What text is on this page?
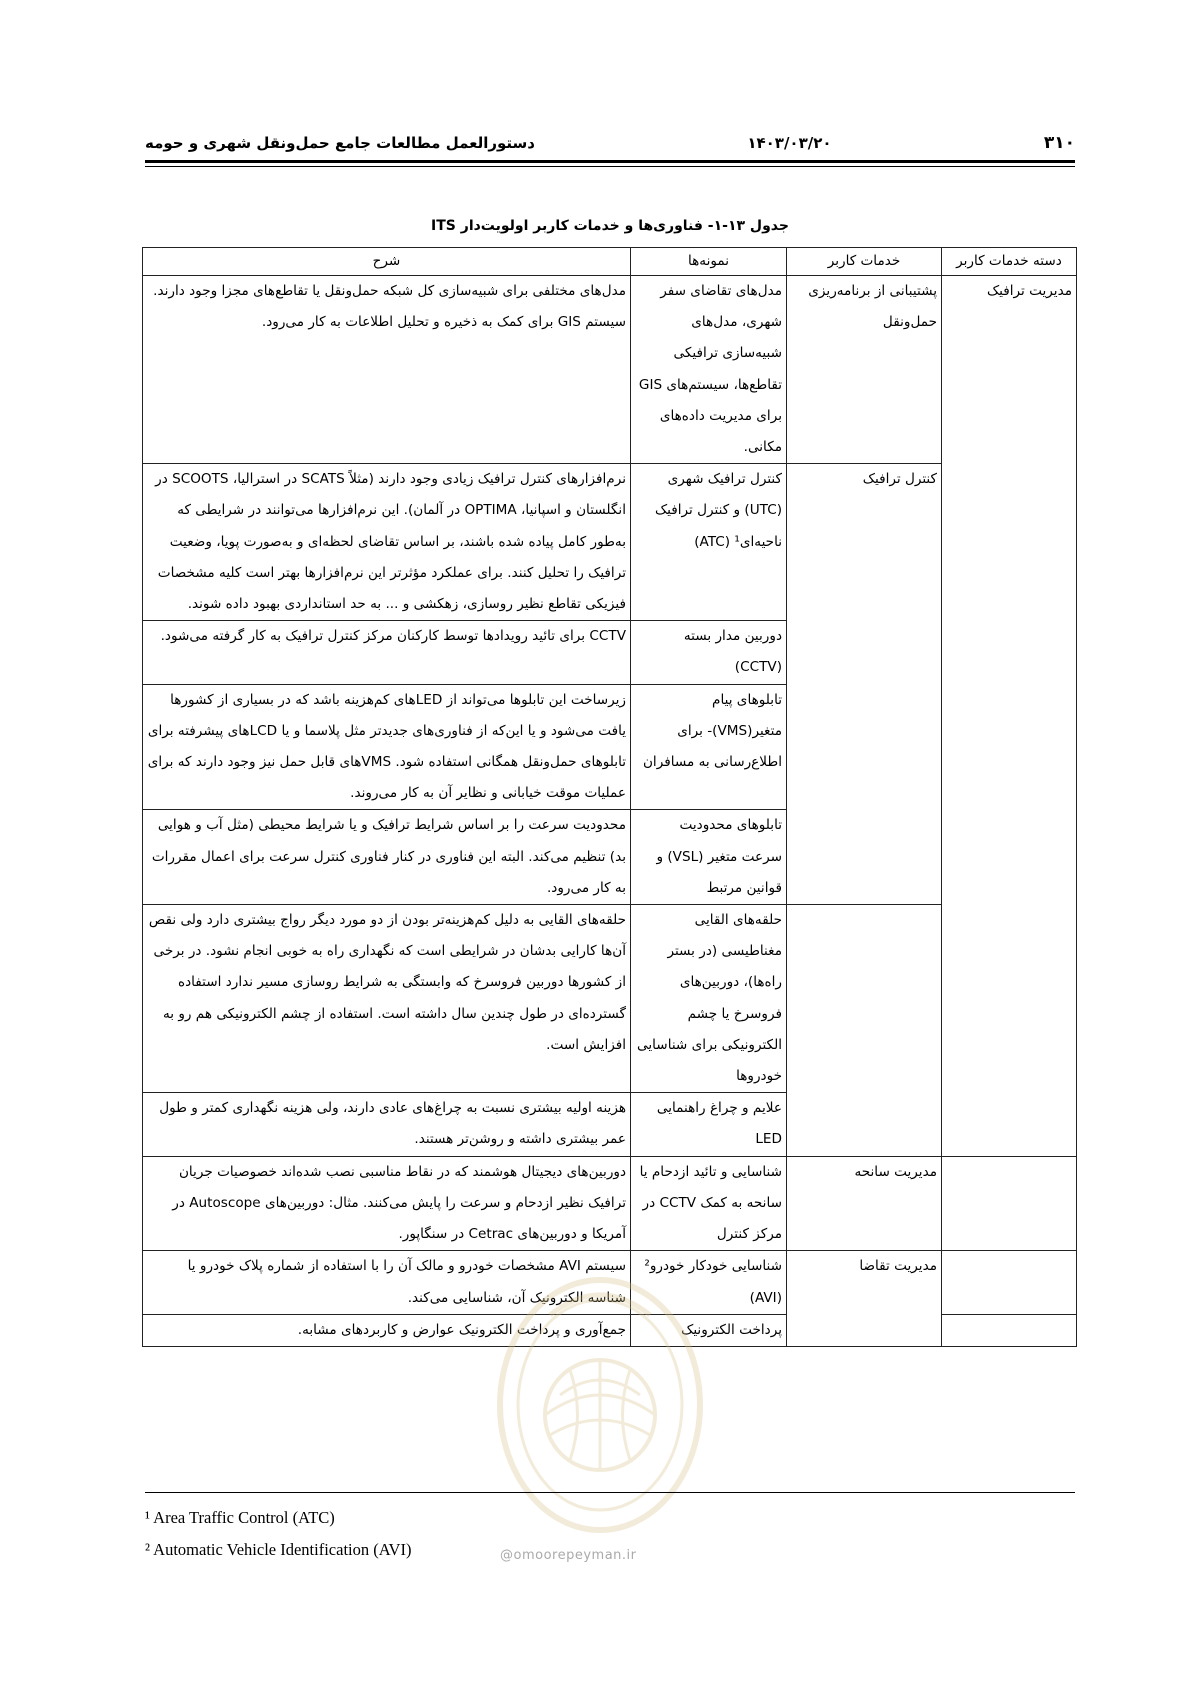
۳۱۰
۱۴۰۳/۰۳/۲۰
دستورالعمل مطالعات جامع حمل‌ونقل شهری و حومه
جدول ۱۳-۱- فناوری‌ها و خدمات کاربر اولویت‌دار ITS
دسته خدمات کاربر	خدمات کاربر	نمونه‌ها	شرح
مدیریت ترافیک	پشتیبانی از برنامه‌ریزی حمل‌ونقل	مدل‌های تقاضای سفر شهری، مدل‌های شبیه‌سازی ترافیکی تقاطع‌ها، سیستم‌های GIS برای مدیریت داده‌های مکانی.	مدل‌های مختلفی برای شبیه‌سازی کل شبکه حمل‌ونقل یا تقاطع‌های مجزا وجود دارند. سیستم GIS برای کمک به ذخیره و تحلیل اطلاعات به کار می‌رود.
	کنترل ترافیک	کنترل ترافیک شهری (UTC) و کنترل ترافیک ناحیه‌ای¹ (ATC)	نرم‌افزارهای کنترل ترافیک زیادی وجود دارند (مثلاً SCATS در استرالیا، SCOOTS در انگلستان و اسپانیا، OPTIMA در آلمان). این نرم‌افزارها می‌توانند در شرایطی که به‌طور کامل پیاده شده باشند، بر اساس تقاضای لحظه‌ای و به‌صورت پویا، وضعیت ترافیک را تحلیل کنند. برای عملکرد مؤثرتر این نرم‌افزارها بهتر است کلیه مشخصات فیزیکی تقاطع نظیر روسازی، زهکشی و ... به حد استانداردی بهبود داده شوند.
		دوربین مدار بسته (CCTV)	CCTV برای تائید رویدادها توسط کارکنان مرکز کنترل ترافیک به کار گرفته می‌شود.
		تابلوهای پیام متغیر(VMS)- برای اطلاع‌رسانی به مسافران	زیرساخت این تابلوها می‌تواند از LEDهای کم‌هزینه باشد که در بسیاری از کشورها یافت می‌شود و یا این‌که از فناوری‌های جدیدتر مثل پلاسما و یا LCDهای پیشرفته برای تابلوهای حمل‌ونقل همگانی استفاده شود. VMSهای قابل حمل نیز وجود دارند که برای عملیات موقت خیابانی و نظایر آن به کار می‌روند.
		تابلوهای محدودیت سرعت متغیر (VSL) و قوانین مرتبط	محدودیت سرعت را بر اساس شرایط ترافیک و یا شرایط محیطی (مثل آب و هوایی بد) تنظیم می‌کند. البته این فناوری در کنار فناوری کنترل سرعت برای اعمال مقررات به کار می‌رود.
		حلقه‌های القایی مغناطیسی (در بستر راه‌ها)، دوربین‌های فروسرخ یا چشم الکترونیکی برای شناسایی خودروها	حلقه‌های القایی به دلیل کم‌هزینه‌تر بودن از دو مورد دیگر رواج بیشتری دارد ولی نقص آن‌ها کارایی بدشان در شرایطی است که نگهداری راه به خوبی انجام نشود. در برخی از کشورها دوربین فروسرخ که وابستگی به شرایط روسازی مسیر ندارد استفاده گسترده‌ای در طول چندین سال داشته است. استفاده از چشم الکترونیکی هم رو به افزایش است.
		علایم و چراغ راهنمایی LED	هزینه اولیه بیشتری نسبت به چراغ‌های عادی دارند، ولی هزینه نگهداری کمتر و طول عمر بیشتری داشته و روشن‌تر هستند.
	مدیریت سانحه	شناسایی و تائید ازدحام یا سانحه به کمک CCTV در مرکز کنترل	دوربین‌های دیجیتال هوشمند که در نقاط مناسبی نصب شده‌اند خصوصیات جریان ترافیک نظیر ازدحام و سرعت را پایش می‌کنند. مثال: دوربین‌های Autoscope در آمریکا و دوربین‌های Cetrac در سنگاپور.
	مدیریت تقاضا	شناسایی خودکار خودرو² (AVI)	سیستم AVI مشخصات خودرو و مالک آن را با استفاده از شماره پلاک خودرو یا شناسه الکترونیک آن، شناسایی می‌کند.
		پرداخت الکترونیک	جمع‌آوری و پرداخت الکترونیک عوارض و کاربردهای مشابه.
@omoorepeyman.ir
¹ Area Traffic Control (ATC)
² Automatic Vehicle Identification (AVI)
